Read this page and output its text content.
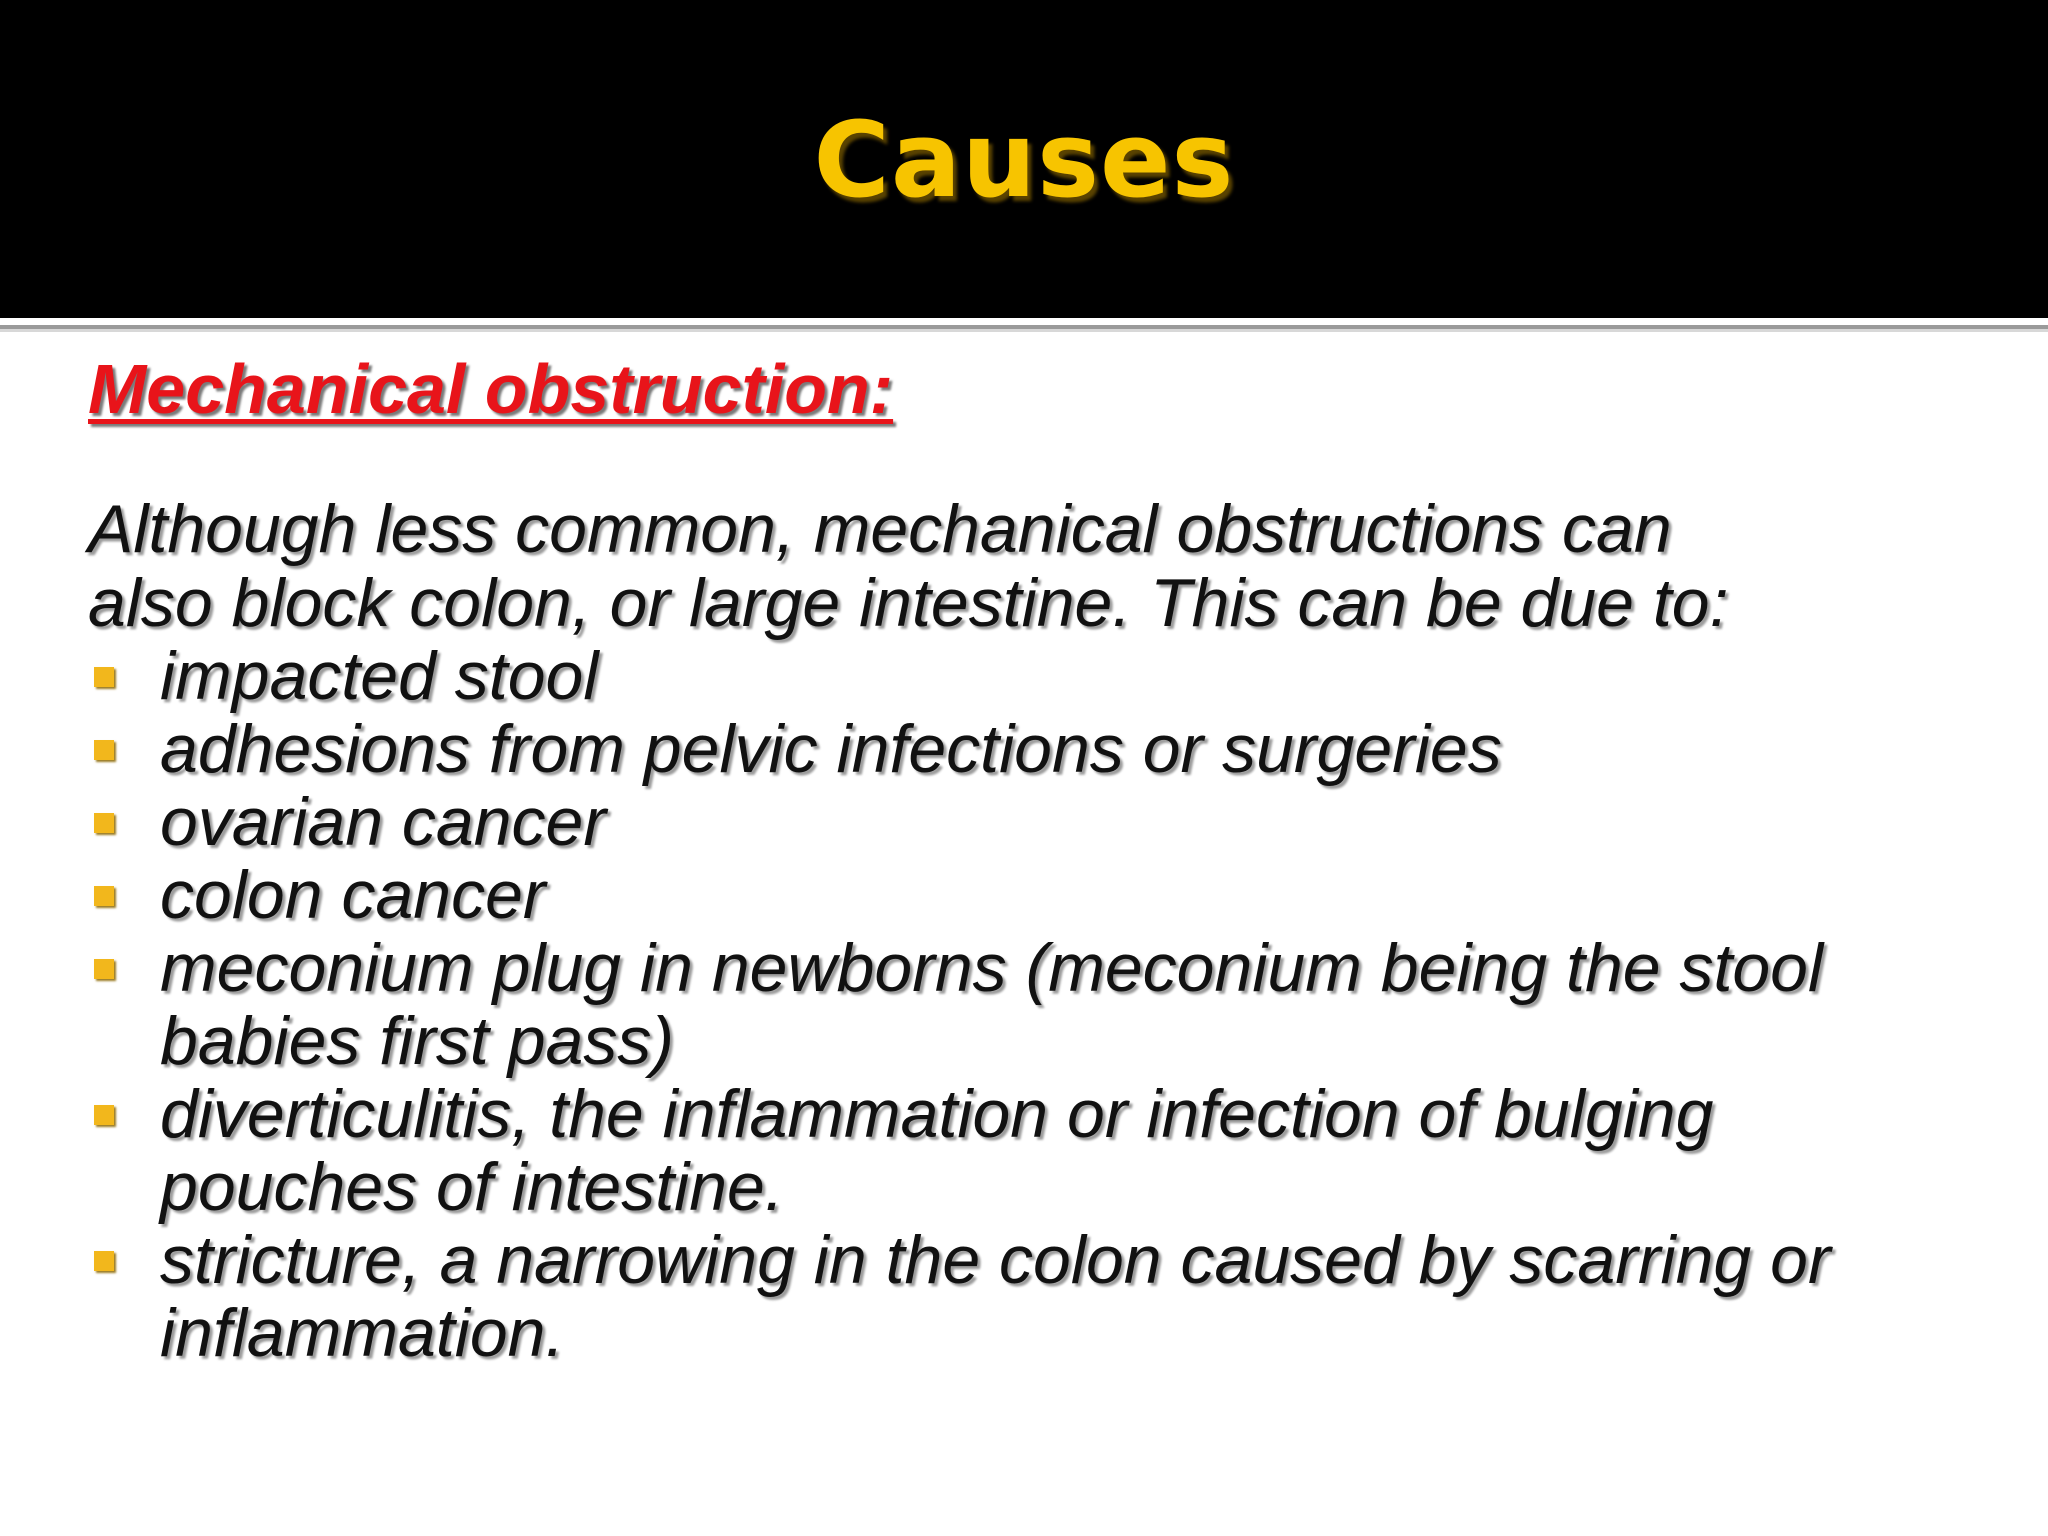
Causes
Mechanical obstruction:
Although less common, mechanical obstructions can
also block colon, or large intestine. This can be due to:
impacted stool
adhesions from pelvic infections or surgeries
ovarian cancer
colon cancer
meconium plug in newborns (meconium being the stool babies first pass)
diverticulitis, the inflammation or infection of bulging pouches of intestine.
stricture, a narrowing in the colon caused by scarring or inflammation.
